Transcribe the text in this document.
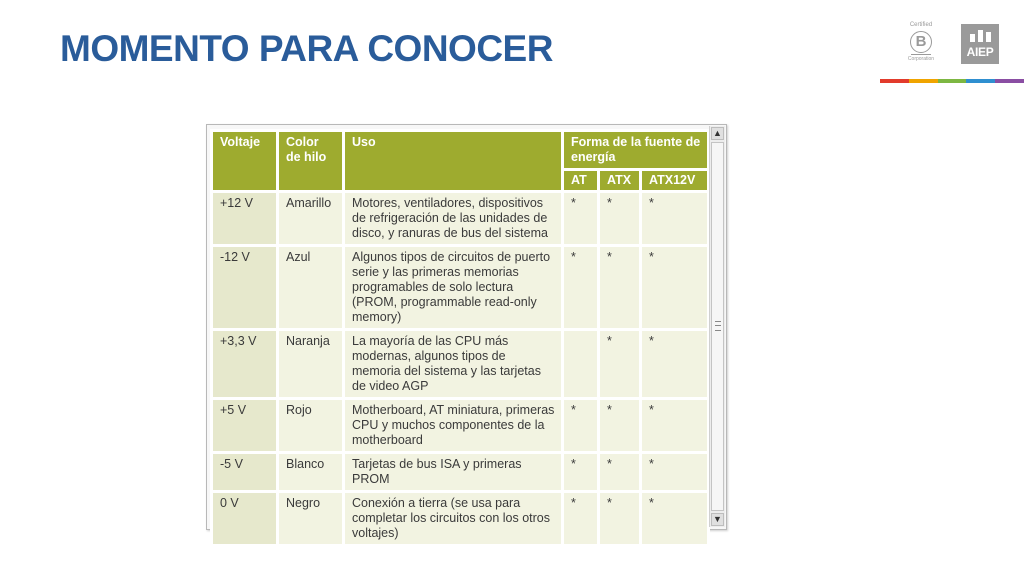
MOMENTO PARA CONOCER
Certified
B
Corporation	AIEP
Voltaje	Color de hilo	Uso	Forma de la fuente de energía		
			AT	ATX	ATX12V
+12 V	Amarillo	Motores, ventiladores, dispositivos de refrigeración de las unidades de disco, y ranuras de bus del sistema	*	*	*
-12 V	Azul	Algunos tipos de circuitos de puerto serie y las primeras memorias programables de solo lectura (PROM, programmable read-only memory)	*	*	*
+3,3 V	Naranja	La mayoría de las CPU más modernas, algunos tipos de memoria del sistema y las tarjetas de video AGP		*	*
+5 V	Rojo	Motherboard, AT miniatura, primeras CPU y muchos componentes de la motherboard	*	*	*
-5 V	Blanco	Tarjetas de bus ISA y primeras PROM	*	*	*
0 V	Negro	Conexión a tierra (se usa para completar los circuitos con los otros voltajes)	*	*	*
▲
▼
